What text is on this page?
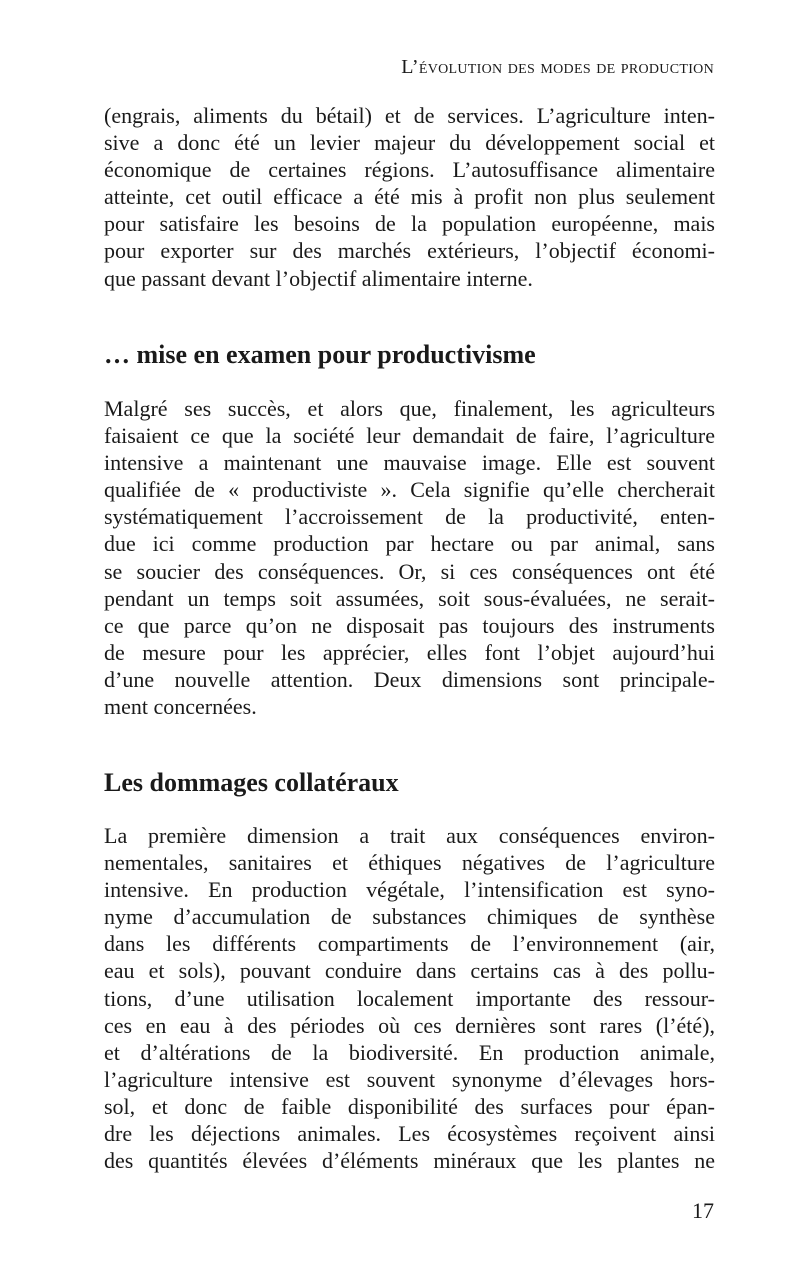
L’évolution des modes de production
(engrais, aliments du bétail) et de services. L’agriculture inten-
sive a donc été un levier majeur du développement social et
économique de certaines régions. L’autosuffisance alimentaire
atteinte, cet outil efficace a été mis à profit non plus seulement
pour satisfaire les besoins de la population européenne, mais
pour exporter sur des marchés extérieurs, l’objectif économi-
que passant devant l’objectif alimentaire interne.
… mise en examen pour productivisme
Malgré ses succès, et alors que, finalement, les agriculteurs
faisaient ce que la société leur demandait de faire, l’agriculture
intensive a maintenant une mauvaise image. Elle est souvent
qualifiée de « productiviste ». Cela signifie qu’elle chercherait
systématiquement l’accroissement de la productivité, enten-
due ici comme production par hectare ou par animal, sans
se soucier des conséquences. Or, si ces conséquences ont été
pendant un temps soit assumées, soit sous-évaluées, ne serait-
ce que parce qu’on ne disposait pas toujours des instruments
de mesure pour les apprécier, elles font l’objet aujourd’hui
d’une nouvelle attention. Deux dimensions sont principale-
ment concernées.
Les dommages collatéraux
La première dimension a trait aux conséquences environ-
nementales, sanitaires et éthiques négatives de l’agriculture
intensive. En production végétale, l’intensification est syno-
nyme d’accumulation de substances chimiques de synthèse
dans les différents compartiments de l’environnement (air,
eau et sols), pouvant conduire dans certains cas à des pollu-
tions, d’une utilisation localement importante des ressour-
ces en eau à des périodes où ces dernières sont rares (l’été),
et d’altérations de la biodiversité. En production animale,
l’agriculture intensive est souvent synonyme d’élevages hors-
sol, et donc de faible disponibilité des surfaces pour épan-
dre les déjections animales. Les écosystèmes reçoivent ainsi
des quantités élevées d’éléments minéraux que les plantes ne
17
